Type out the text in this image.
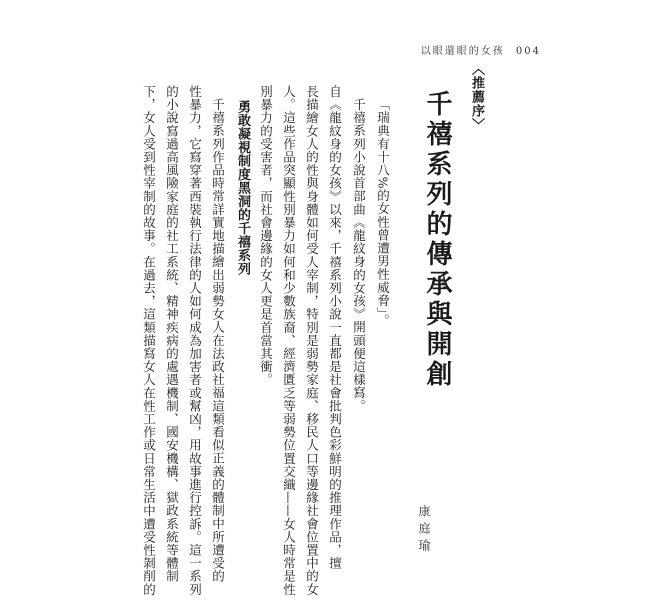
以眼還眼的女孩 004
〈推薦序〉
千禧系列的傳承與開創
康庭瑜
「瑞典有十八%的女性曾遭男性威脅」。
千禧系列小說首部曲《龍紋身的女孩》開頭便這樣寫。
自《龍紋身的女孩》以來，千禧系列小說一直都是社會批判色彩鮮明的推理作品，擅
長描繪女人的性與身體如何受人宰制，特別是弱勢家庭、移民人口等邊緣社會位置中的女
人。這些作品突顯性別暴力如何和少數族裔、經濟匱乏等弱勢位置交織——女人時常是性
別暴力的受害者，而社會邊緣的女人更是首當其衝。
勇敢凝視制度黑洞的千禧系列
千禧系列作品時常詳實地描繪出弱勢女人在法政社福這類看似正義的體制中所遭受的
性暴力，它寫穿著西裝執行法律的人如何成為加害者或幫凶，用故事進行控訴。這一系列
的小說寫過高風險家庭的社工系統、精神疾病的處遇機制、國安機構、獄政系統等體制
下，女人受到性宰制的故事。在過去，這類描寫女人在性工作或日常生活中遭受性剝削的
